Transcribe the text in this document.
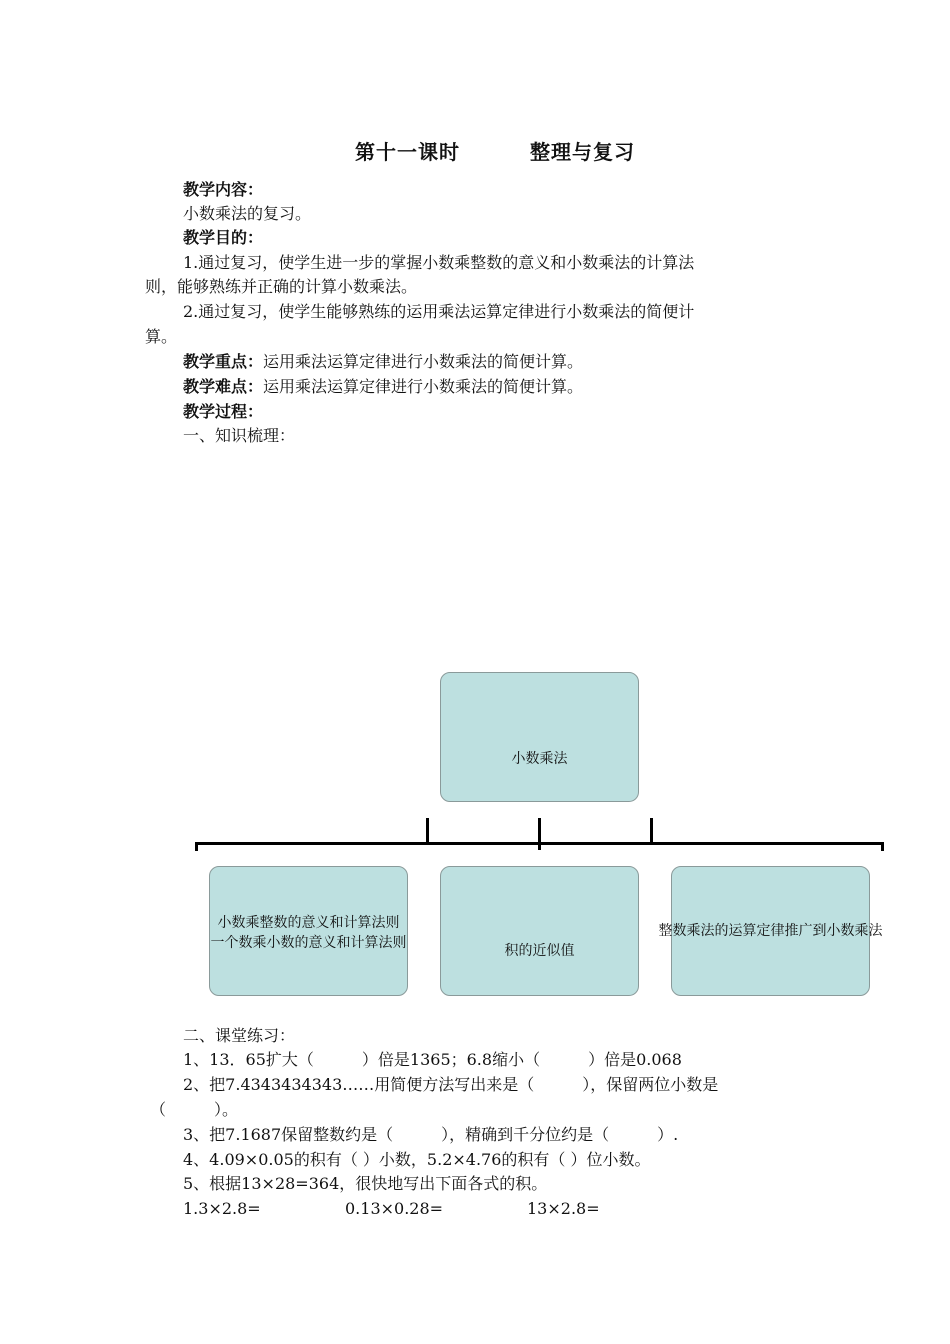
第十一课时	整理与复习
教学内容：
小数乘法的复习。
教学目的：
1.通过复习，使学生进一步的掌握小数乘整数的意义和小数乘法的计算法
则，能够熟练并正确的计算小数乘法。
2.通过复习，使学生能够熟练的运用乘法运算定律进行小数乘法的简便计
算。
教学重点：运用乘法运算定律进行小数乘法的简便计算。
教学难点：运用乘法运算定律进行小数乘法的简便计算。
教学过程：
一、知识梳理：
小数乘法
小数乘整数的意义和计算法则
一个数乘小数的意义和计算法则	积的近似值
整数乘法的运算定律推广到小数乘法
二、课堂练习：
1、13．65扩大（　　　）倍是1365；6.8缩小（　　　）倍是0.068
2、把7.4343434343……用简便方法写出来是（　　　），保留两位小数是
（　　　）。
3、把7.1687保留整数约是（　　　），精确到千分位约是（　　　）.
4、4.09×0.05的积有（ ）小数，5.2×4.76的积有（ ）位小数。
5、根据13×28=364，很快地写出下面各式的积。
1.3×2.8=	0.13×0.28=	13×2.8=
